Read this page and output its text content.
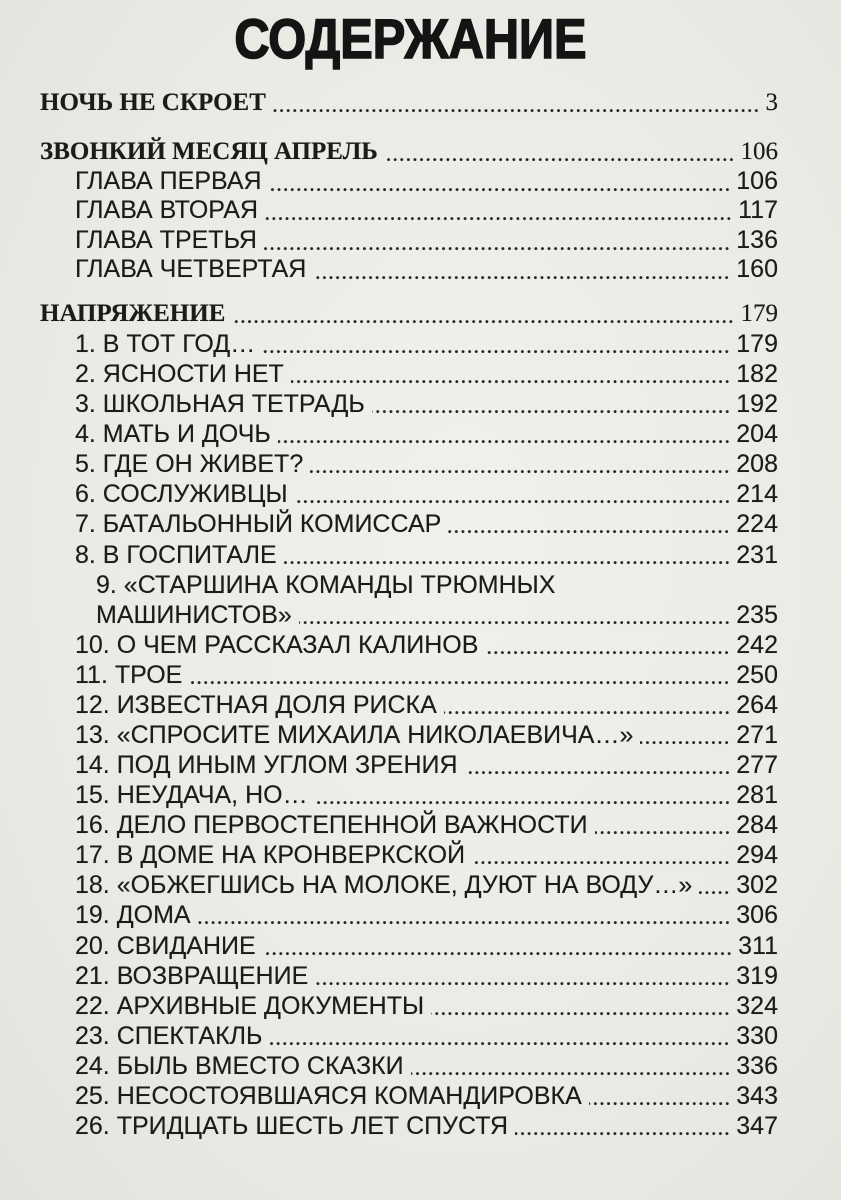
СОДЕРЖАНИЕ
НОЧЬ НЕ СКРОЕТ	3
ЗВОНКИЙ МЕСЯЦ АПРЕЛЬ	106
ГЛАВА ПЕРВАЯ	106
ГЛАВА ВТОРАЯ	117
ГЛАВА ТРЕТЬЯ	136
ГЛАВА ЧЕТВЕРТАЯ	160
НАПРЯЖЕНИЕ	179
1. В ТОТ ГОД…	179
2. ЯСНОСТИ НЕТ	182
3. ШКОЛЬНАЯ ТЕТРАДЬ	192
4. МАТЬ И ДОЧЬ	204
5. ГДЕ ОН ЖИВЕТ?	208
6. СОСЛУЖИВЦЫ	214
7. БАТАЛЬОННЫЙ КОМИССАР	224
8. В ГОСПИТАЛЕ	231
9. «СТАРШИНА КОМАНДЫ ТРЮМНЫХ
МАШИНИСТОВ»	235
10. О ЧЕМ РАССКАЗАЛ КАЛИНОВ	242
11. ТРОЕ	250
12. ИЗВЕСТНАЯ ДОЛЯ РИСКА	264
13. «СПРОСИТЕ МИХАИЛА НИКОЛАЕВИЧА…»	271
14. ПОД ИНЫМ УГЛОМ ЗРЕНИЯ	277
15. НЕУДАЧА, НО…	281
16. ДЕЛО ПЕРВОСТЕПЕННОЙ ВАЖНОСТИ	284
17. В ДОМЕ НА КРОНВЕРКСКОЙ	294
18. «ОБЖЕГШИСЬ НА МОЛОКЕ, ДУЮТ НА ВОДУ…» 302
19. ДОМА	306
20. СВИДАНИЕ	311
21. ВОЗВРАЩЕНИЕ	319
22. АРХИВНЫЕ ДОКУМЕНТЫ	324
23. СПЕКТАКЛЬ	330
24. БЫЛЬ ВМЕСТО СКАЗКИ	336
25. НЕСОСТОЯВШАЯСЯ КОМАНДИРОВКА	343
26. ТРИДЦАТЬ ШЕСТЬ ЛЕТ СПУСТЯ	347
